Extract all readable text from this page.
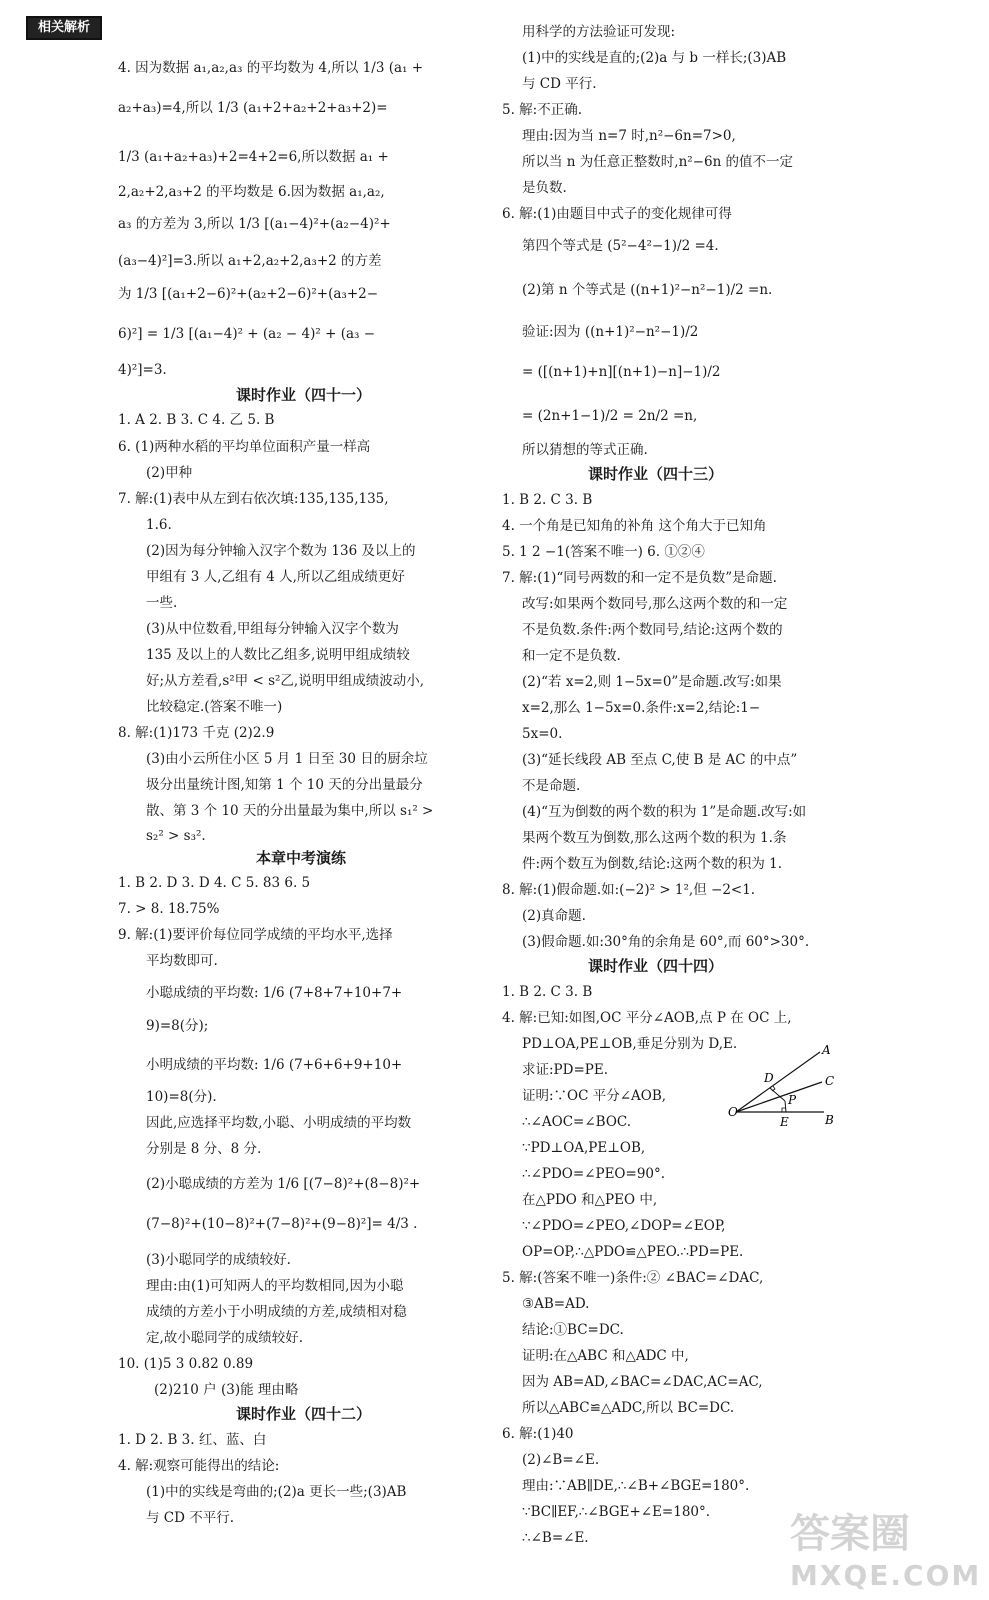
相关解析
4. 因为数据 a₁,a₂,a₃ 的平均数为 4,所以 1/3 (a₁ +
a₂+a₃)=4,所以 1/3 (a₁+2+a₂+2+a₃+2)=
1/3 (a₁+a₂+a₃)+2=4+2=6,所以数据 a₁ +
2,a₂+2,a₃+2 的平均数是 6.因为数据 a₁,a₂,
a₃ 的方差为 3,所以 1/3 [(a₁−4)²+(a₂−4)²+
(a₃−4)²]=3.所以 a₁+2,a₂+2,a₃+2 的方差
为 1/3 [(a₁+2−6)²+(a₂+2−6)²+(a₃+2−
6)²] = 1/3 [(a₁−4)² + (a₂ − 4)² + (a₃ −
4)²]=3.
课时作业（四十一）
1. A 2. B 3. C 4. 乙 5. B
6. (1)两种水稻的平均单位面积产量一样高
(2)甲种
7. 解:(1)表中从左到右依次填:135,135,135,
1.6.
(2)因为每分钟输入汉字个数为 136 及以上的
甲组有 3 人,乙组有 4 人,所以乙组成绩更好
一些.
(3)从中位数看,甲组每分钟输入汉字个数为
135 及以上的人数比乙组多,说明甲组成绩较
好;从方差看,s²甲 < s²乙,说明甲组成绩波动小,
比较稳定.(答案不唯一)
8. 解:(1)173 千克 (2)2.9
(3)由小云所住小区 5 月 1 日至 30 日的厨余垃
圾分出量统计图,知第 1 个 10 天的分出量最分
散、第 3 个 10 天的分出量最为集中,所以 s₁² >
s₂² > s₃².
本章中考演练
1. B 2. D 3. D 4. C 5. 83 6. 5
7. > 8. 18.75%
9. 解:(1)要评价每位同学成绩的平均水平,选择
平均数即可.
小聪成绩的平均数: 1/6 (7+8+7+10+7+
9)=8(分);
小明成绩的平均数: 1/6 (7+6+6+9+10+
10)=8(分).
因此,应选择平均数,小聪、小明成绩的平均数
分别是 8 分、8 分.
(2)小聪成绩的方差为 1/6 [(7−8)²+(8−8)²+
(7−8)²+(10−8)²+(7−8)²+(9−8)²]= 4/3 .
(3)小聪同学的成绩较好.
理由:由(1)可知两人的平均数相同,因为小聪
成绩的方差小于小明成绩的方差,成绩相对稳
定,故小聪同学的成绩较好.
10. (1)5 3 0.82 0.89
(2)210 户 (3)能 理由略
课时作业（四十二）
1. D 2. B 3. 红、蓝、白
4. 解:观察可能得出的结论:
(1)中的实线是弯曲的;(2)a 更长一些;(3)AB
与 CD 不平行.
用科学的方法验证可发现:
(1)中的实线是直的;(2)a 与 b 一样长;(3)AB
与 CD 平行.
5. 解:不正确.
理由:因为当 n=7 时,n²−6n=7>0,
所以当 n 为任意正整数时,n²−6n 的值不一定
是负数.
6. 解:(1)由题目中式子的变化规律可得
第四个等式是 (5²−4²−1)/2 =4.
(2)第 n 个等式是 ((n+1)²−n²−1)/2 =n.
验证:因为 ((n+1)²−n²−1)/2
= ([(n+1)+n][(n+1)−n]−1)/2
= (2n+1−1)/2 = 2n/2 =n,
所以猜想的等式正确.
课时作业（四十三）
1. B 2. C 3. B
4. 一个角是已知角的补角 这个角大于已知角
5. 1 2 −1(答案不唯一) 6. ①②④
7. 解:(1)“同号两数的和一定不是负数”是命题.
改写:如果两个数同号,那么这两个数的和一定
不是负数.条件:两个数同号,结论:这两个数的
和一定不是负数.
(2)“若 x=2,则 1−5x=0”是命题.改写:如果
x=2,那么 1−5x=0.条件:x=2,结论:1−
5x=0.
(3)“延长线段 AB 至点 C,使 B 是 AC 的中点”
不是命题.
(4)“互为倒数的两个数的积为 1”是命题.改写:如
果两个数互为倒数,那么这两个数的积为 1.条
件:两个数互为倒数,结论:这两个数的积为 1.
8. 解:(1)假命题.如:(−2)² > 1²,但 −2<1.
(2)真命题.
(3)假命题.如:30°角的余角是 60°,而 60°>30°.
课时作业（四十四）
1. B 2. C 3. B
4. 解:已知:如图,OC 平分∠AOB,点 P 在 OC 上,
PD⊥OA,PE⊥OB,垂足分别为 D,E.
求证:PD=PE.
证明:∵OC 平分∠AOB,
∴∠AOC=∠BOC.
∵PD⊥OA,PE⊥OB,
∴∠PDO=∠PEO=90°.
在△PDO 和△PEO 中,
∵∠PDO=∠PEO,∠DOP=∠EOP,
OP=OP,∴△PDO≌△PEO.∴PD=PE.
5. 解:(答案不唯一)条件:② ∠BAC=∠DAC,
③AB=AD.
结论:①BC=DC.
证明:在△ABC 和△ADC 中,
因为 AB=AD,∠BAC=∠DAC,AC=AC,
所以△ABC≌△ADC,所以 BC=DC.
6. 解:(1)40
(2)∠B=∠E.
理由:∵AB∥DE,∴∠B+∠BGE=180°.
∵BC∥EF,∴∠BGE+∠E=180°.
∴∠B=∠E.
A
C
B
O
D
P
E
答案圈
MXQE.COM
